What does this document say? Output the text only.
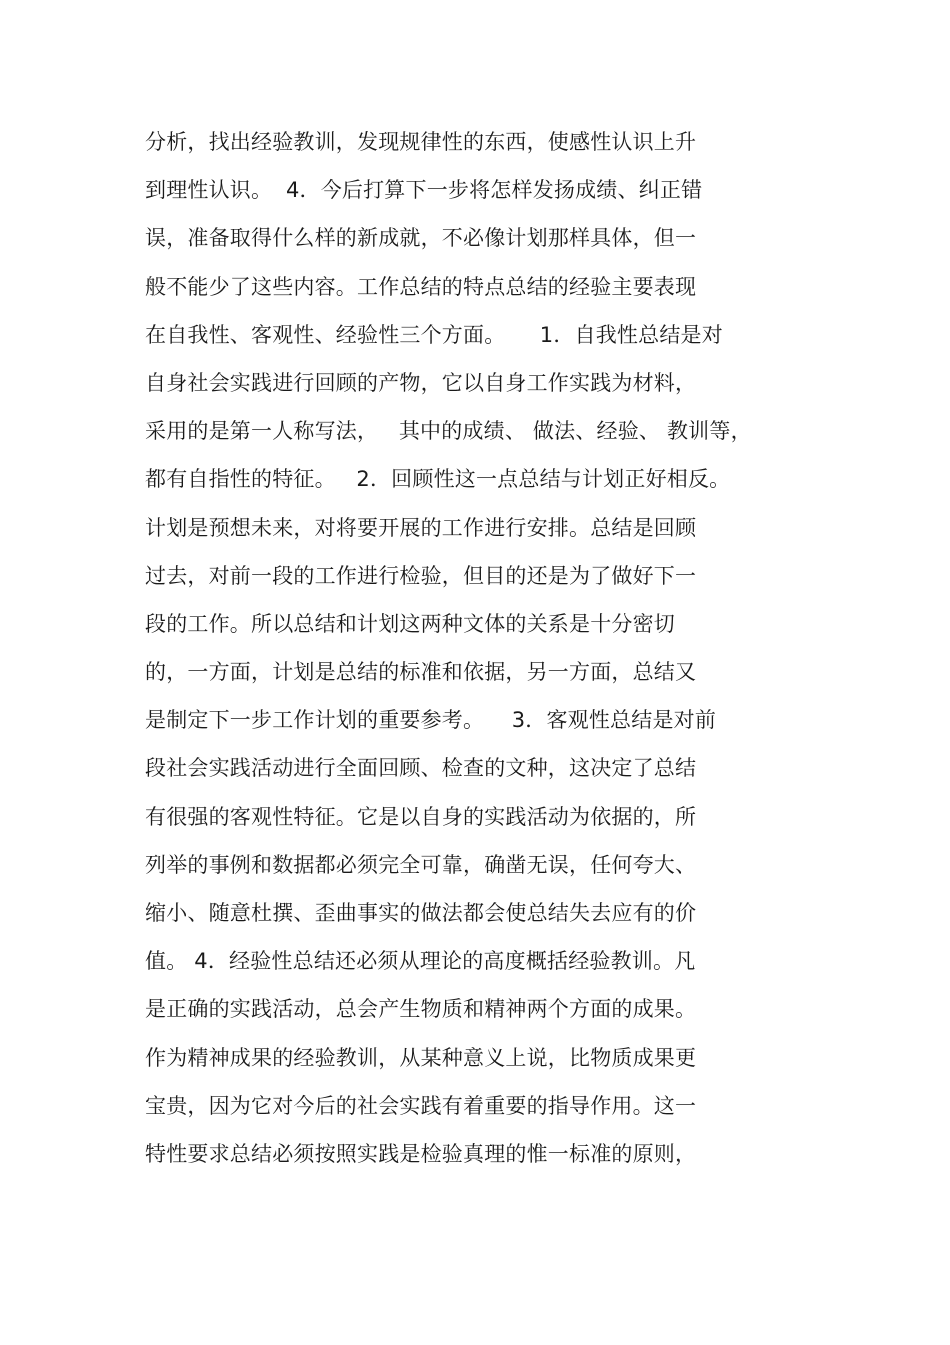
分析，找出经验教训，发现规律性的东西，使感性认识上升
到理性认识。  4．今后打算下一步将怎样发扬成绩、纠正错
误，准备取得什么样的新成就，不必像计划那样具体，但一
般不能少了这些内容。工作总结的特点总结的经验主要表现
在自我性、客观性、经验性三个方面。     1．自我性总结是对
自身社会实践进行回顾的产物，它以自身工作实践为材料，
采用的是第一人称写法，   其中的成绩、 做法、经验、 教训等，
都有自指性的特征。   2．回顾性这一点总结与计划正好相反。
计划是预想未来，对将要开展的工作进行安排。总结是回顾
过去，对前一段的工作进行检验，但目的还是为了做好下一
段的工作。所以总结和计划这两种文体的关系是十分密切
的，一方面，计划是总结的标准和依据，另一方面，总结又
是制定下一步工作计划的重要参考。    3．客观性总结是对前
段社会实践活动进行全面回顾、检查的文种，这决定了总结
有很强的客观性特征。它是以自身的实践活动为依据的，所
列举的事例和数据都必须完全可靠，确凿无误，任何夸大、
缩小、随意杜撰、歪曲事实的做法都会使总结失去应有的价
值。 4．经验性总结还必须从理论的高度概括经验教训。凡
是正确的实践活动，总会产生物质和精神两个方面的成果。
作为精神成果的经验教训，从某种意义上说，比物质成果更
宝贵，因为它对今后的社会实践有着重要的指导作用。这一
特性要求总结必须按照实践是检验真理的惟一标准的原则，
